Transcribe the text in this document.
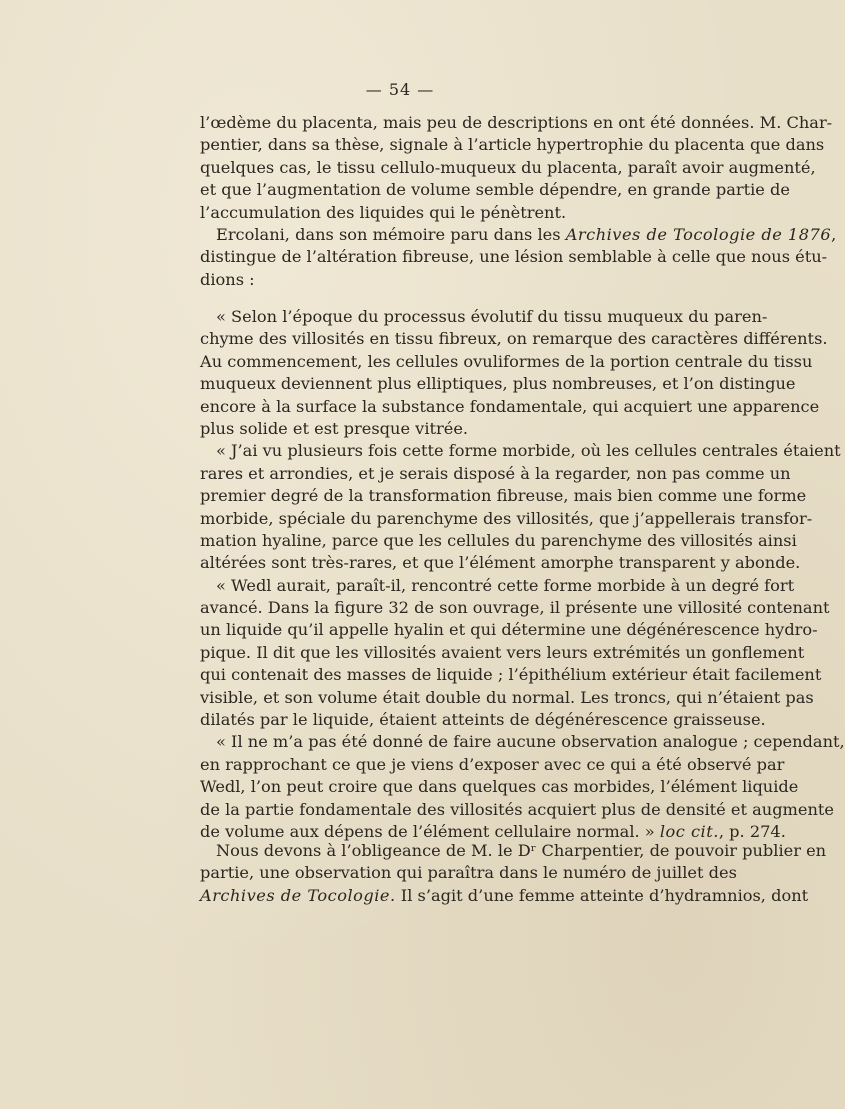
— 54 —
l’œdème du placenta, mais peu de descriptions en ont été données. M. Char-
pentier, dans sa thèse, signale à l’article hypertrophie du placenta que dans
quelques cas, le tissu cellulo-muqueux du placenta, paraît avoir augmenté,
et que l’augmentation de volume semble dépendre, en grande partie de
l’accumulation des liquides qui le pénètrent.
Ercolani, dans son mémoire paru dans les Archives de Tocologie de 1876,
distingue de l’altération fibreuse, une lésion semblable à celle que nous étu-
dions :
« Selon l’époque du processus évolutif du tissu muqueux du paren-
chyme des villosités en tissu fibreux, on remarque des caractères différents.
Au commencement, les cellules ovuliformes de la portion centrale du tissu
muqueux deviennent plus elliptiques, plus nombreuses, et l’on distingue
encore à la surface la substance fondamentale, qui acquiert une apparence
plus solide et est presque vitrée.
« J’ai vu plusieurs fois cette forme morbide, où les cellules centrales étaient
rares et arrondies, et je serais disposé à la regarder, non pas comme un
premier degré de la transformation fibreuse, mais bien comme une forme
morbide, spéciale du parenchyme des villosités, que j’appellerais transfor-
mation hyaline, parce que les cellules du parenchyme des villosités ainsi
altérées sont très-rares, et que l’élément amorphe transparent y abonde.
« Wedl aurait, paraît-il, rencontré cette forme morbide à un degré fort
avancé. Dans la figure 32 de son ouvrage, il présente une villosité contenant
un liquide qu’il appelle hyalin et qui détermine une dégénérescence hydro-
pique. Il dit que les villosités avaient vers leurs extrémités un gonflement
qui contenait des masses de liquide ; l’épithélium extérieur était facilement
visible, et son volume était double du normal. Les troncs, qui n’étaient pas
dilatés par le liquide, étaient atteints de dégénérescence graisseuse.
« Il ne m’a pas été donné de faire aucune observation analogue ; cependant,
en rapprochant ce que je viens d’exposer avec ce qui a été observé par
Wedl, l’on peut croire que dans quelques cas morbides, l’élément liquide
de la partie fondamentale des villosités acquiert plus de densité et augmente
de volume aux dépens de l’élément cellulaire normal. » loc cit., p. 274.
Nous devons à l’obligeance de M. le Dʳ Charpentier, de pouvoir publier en
partie, une observation qui paraîtra dans le numéro de juillet des
Archives de Tocologie. Il s’agit d’une femme atteinte d’hydramnios, dont
